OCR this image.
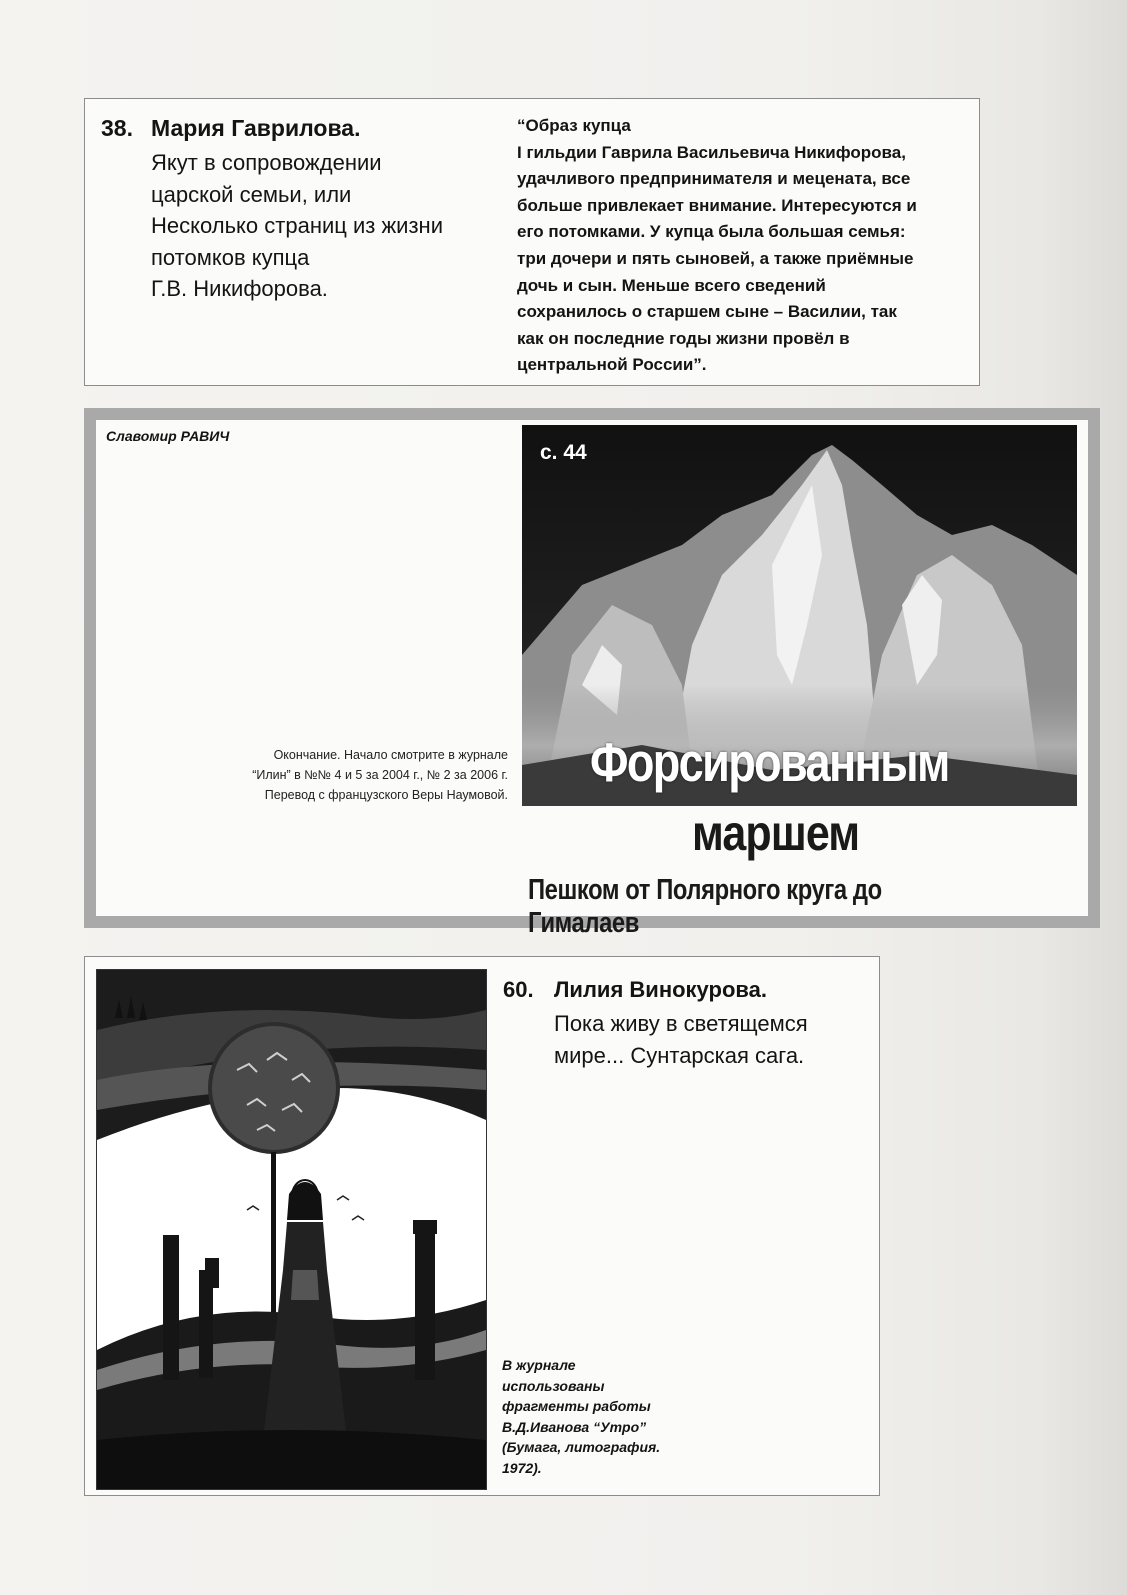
38. Мария Гаврилова.
Якут в сопровождении
царской семьи, или
Несколько страниц из жизни
потомков купца
Г.В. Никифорова.
“Образ купца
I гильдии Гаврила Васильевича Никифорова,
удачливого предпринимателя и мецената, все
больше привлекает внимание. Интересуются и
его потомками. У купца была большая семья:
три дочери и пять сыновей, а также приёмные
дочь и сын. Меньше всего сведений
сохранилось о старшем сыне – Василии, так
как он последние годы жизни провёл в
центральной России”.
Славомир РАВИЧ
Окончание. Начало смотрите в журнале
“Илин” в №№ 4 и 5 за 2004 г., № 2 за 2006 г.
Перевод с французского Веры Наумовой.
с. 44
Форсированным
маршем
Пешком от Полярного круга до Гималаев
60. Лилия Винокурова.
Пока живу в светящемся
мире... Сунтарская сага.
В журнале
использованы
фрагменты работы
В.Д.Иванова “Утро”
(Бумага, литография.
1972).
